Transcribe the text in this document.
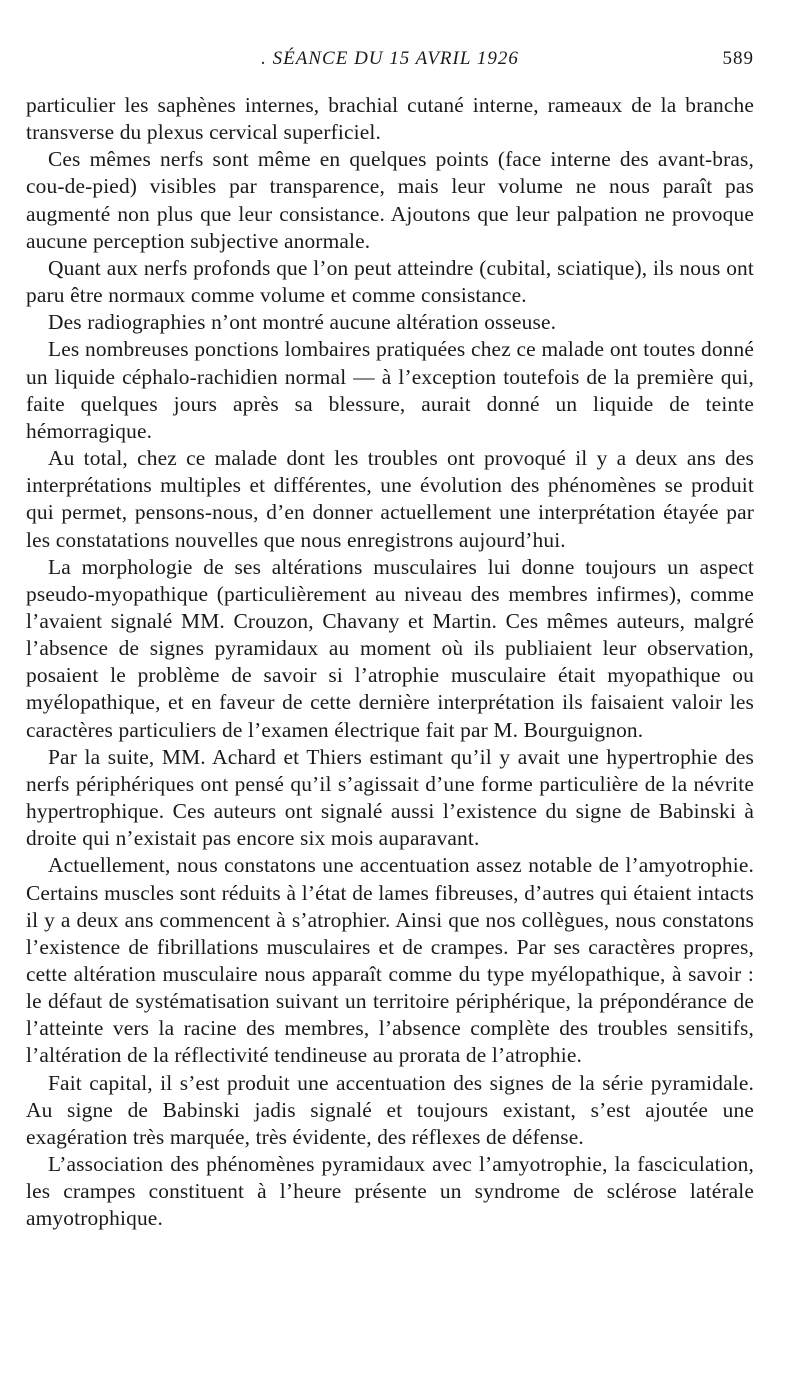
. SÉANCE DU 15 AVRIL 1926	589

particulier les saphènes internes, brachial cutané interne, rameaux de la branche transverse du plexus cervical superficiel.

Ces mêmes nerfs sont même en quelques points (face interne des avant-bras, cou-de-pied) visibles par transparence, mais leur volume ne nous paraît pas augmenté non plus que leur consistance. Ajoutons que leur palpation ne provoque aucune perception subjective anormale.

Quant aux nerfs profonds que l’on peut atteindre (cubital, sciatique), ils nous ont paru être normaux comme volume et comme consistance.

Des radiographies n’ont montré aucune altération osseuse.

Les nombreuses ponctions lombaires pratiquées chez ce malade ont toutes donné un liquide céphalo-rachidien normal — à l’exception toutefois de la première qui, faite quelques jours après sa blessure, aurait donné un liquide de teinte hémorragique.

Au total, chez ce malade dont les troubles ont provoqué il y a deux ans des interprétations multiples et différentes, une évolution des phénomènes se produit qui permet, pensons-nous, d’en donner actuellement une interprétation étayée par les constatations nouvelles que nous enregistrons aujourd’hui.

La morphologie de ses altérations musculaires lui donne toujours un aspect pseudo-myopathique (particulièrement au niveau des membres infirmes), comme l’avaient signalé MM. Crouzon, Chavany et Martin. Ces mêmes auteurs, malgré l’absence de signes pyramidaux au moment où ils publiaient leur observation, posaient le problème de savoir si l’atrophie musculaire était myopathique ou myélopathique, et en faveur de cette dernière interprétation ils faisaient valoir les caractères particuliers de l’examen électrique fait par M. Bourguignon.

Par la suite, MM. Achard et Thiers estimant qu’il y avait une hypertrophie des nerfs périphériques ont pensé qu’il s’agissait d’une forme particulière de la névrite hypertrophique. Ces auteurs ont signalé aussi l’existence du signe de Babinski à droite qui n’existait pas encore six mois auparavant.

Actuellement, nous constatons une accentuation assez notable de l’amyotrophie. Certains muscles sont réduits à l’état de lames fibreuses, d’autres qui étaient intacts il y a deux ans commencent à s’atrophier. Ainsi que nos collègues, nous constatons l’existence de fibrillations musculaires et de crampes. Par ses caractères propres, cette altération musculaire nous apparaît comme du type myélopathique, à savoir : le défaut de systématisation suivant un territoire périphérique, la prépondérance de l’atteinte vers la racine des membres, l’absence complète des troubles sensitifs, l’altération de la réflectivité tendineuse au prorata de l’atrophie.

Fait capital, il s’est produit une accentuation des signes de la série pyramidale. Au signe de Babinski jadis signalé et toujours existant, s’est ajoutée une exagération très marquée, très évidente, des réflexes de défense.

L’association des phénomènes pyramidaux avec l’amyotrophie, la fasciculation, les crampes constituent à l’heure présente un syndrome de sclérose latérale amyotrophique.
